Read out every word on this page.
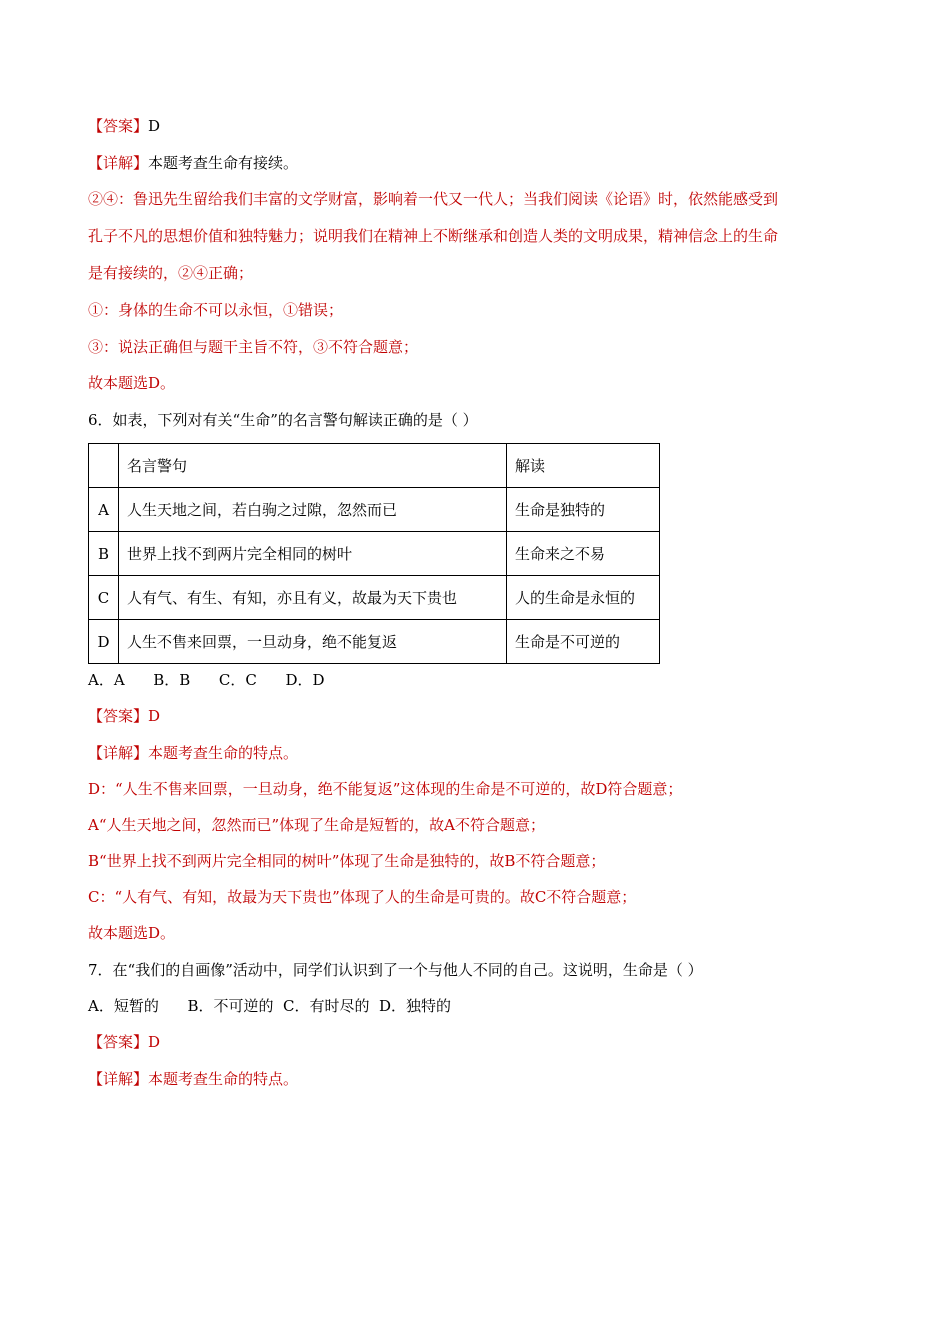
【答案】D
【详解】本题考查生命有接续。
②④：鲁迅先生留给我们丰富的文学财富，影响着一代又一代人；当我们阅读《论语》时，依然能感受到
孔子不凡的思想价值和独特魅力；说明我们在精神上不断继承和创造人类的文明成果，精神信念上的生命
是有接续的，②④正确；
①：身体的生命不可以永恒，①错误；
③：说法正确但与题干主旨不符，③不符合题意；
故本题选D。
6．如表，下列对有关“生命”的名言警句解读正确的是（ ）
	名言警句	解读
A	人生天地之间，若白驹之过隙，忽然而已	生命是独特的
B	世界上找不到两片完全相同的树叶	生命来之不易
C	人有气、有生、有知，亦且有义，故最为天下贵也	人的生命是永恒的
D	人生不售来回票，一旦动身，绝不能复返	生命是不可逆的
A．A      B．B      C．C      D．D
【答案】D
【详解】本题考查生命的特点。
D：“人生不售来回票，一旦动身，绝不能复返”这体现的生命是不可逆的，故D符合题意；
A“人生天地之间，忽然而已”体现了生命是短暂的，故A不符合题意；
B“世界上找不到两片完全相同的树叶”体现了生命是独特的，故B不符合题意；
C：“人有气、有知，故最为天下贵也”体现了人的生命是可贵的。故C不符合题意；
故本题选D。
7．在“我们的自画像”活动中，同学们认识到了一个与他人不同的自己。这说明，生命是（ ）
A．短暂的      B．不可逆的  C．有时尽的  D．独特的
【答案】D
【详解】本题考查生命的特点。
